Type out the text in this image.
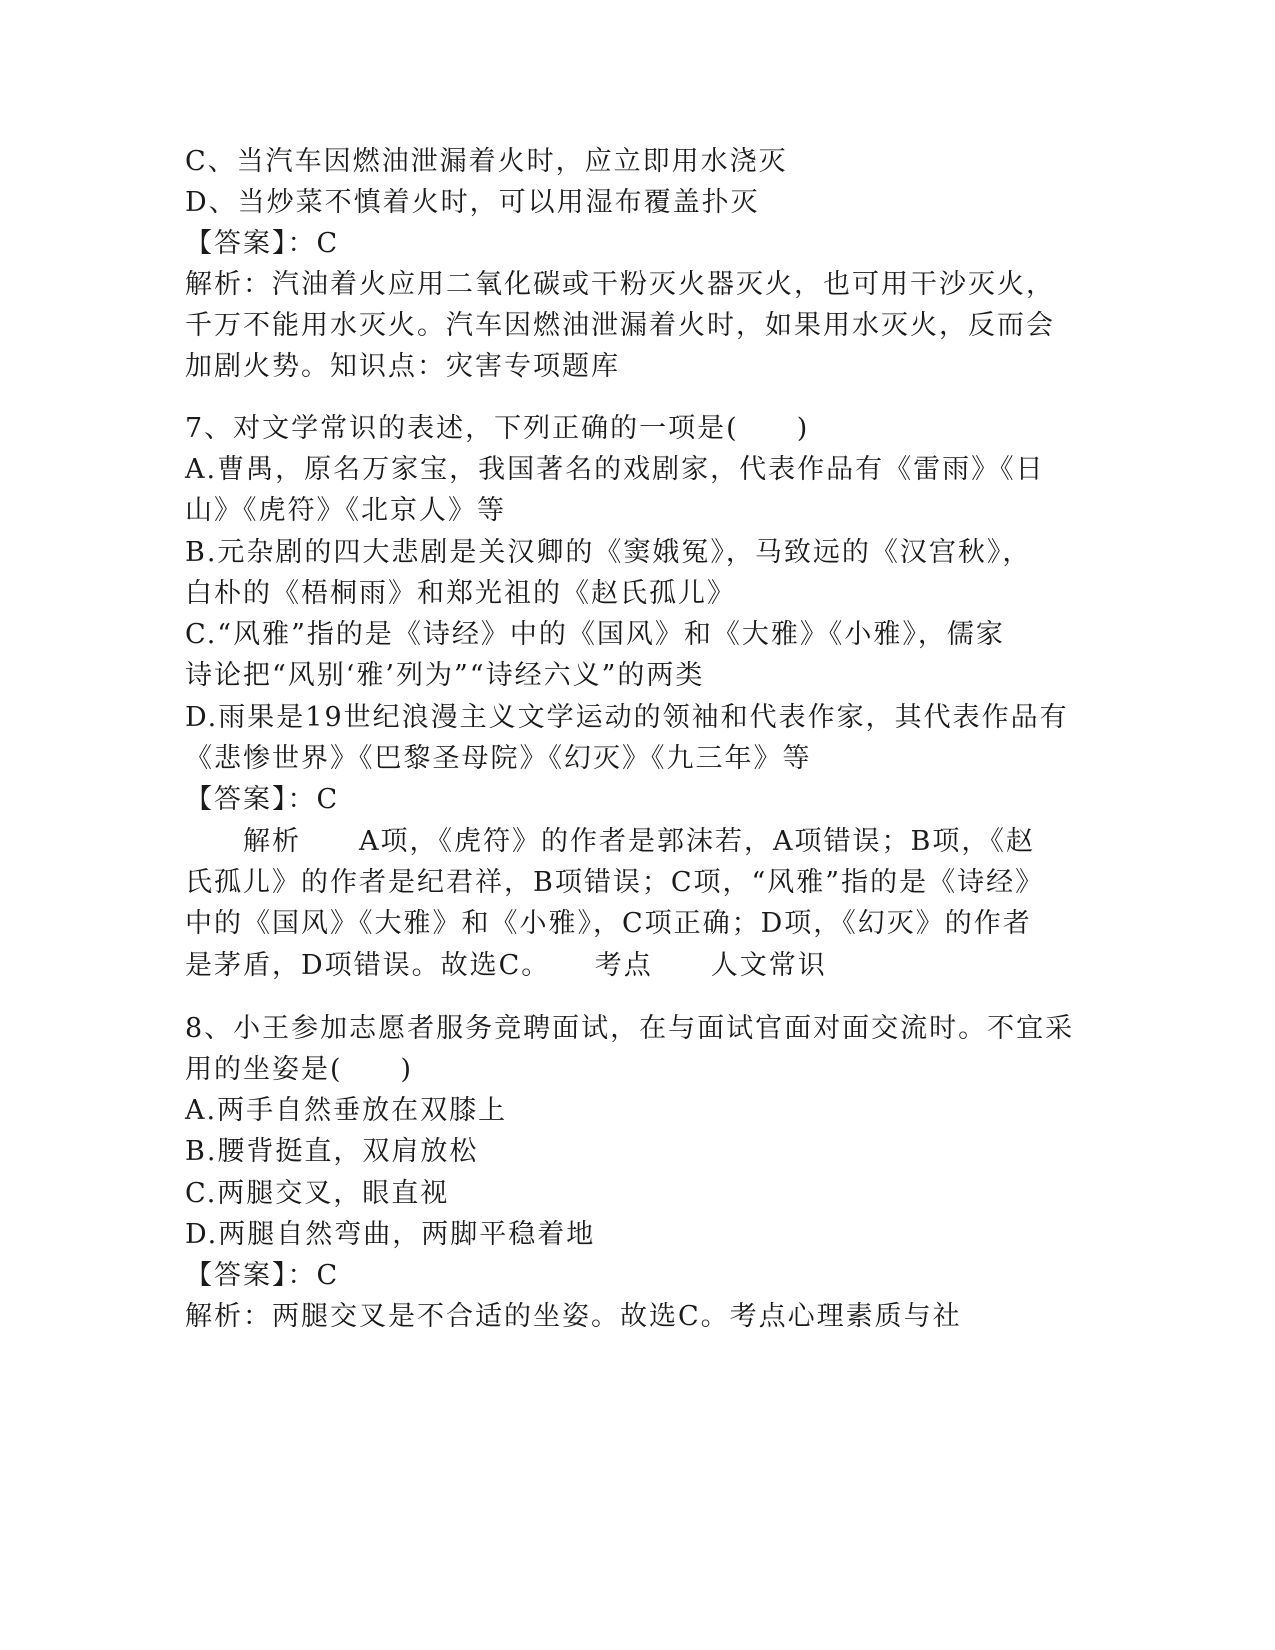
C、当汽车因燃油泄漏着火时，应立即用水浇灭
D、当炒菜不慎着火时，可以用湿布覆盖扑灭
【答案】：C
解析：汽油着火应用二氧化碳或干粉灭火器灭火，也可用干沙灭火，
千万不能用水灭火。汽车因燃油泄漏着火时，如果用水灭火，反而会
加剧火势。知识点：灾害专项题库
7、对文学常识的表述，下列正确的一项是(　　)
A.曹禺，原名万家宝，我国著名的戏剧家，代表作品有《雷雨》《日
山》《虎符》《北京人》等
B.元杂剧的四大悲剧是关汉卿的《窦娥冤》，马致远的《汉宫秋》，
白朴的《梧桐雨》和郑光祖的《赵氏孤儿》
C.“风雅”指的是《诗经》中的《国风》和《大雅》《小雅》，儒家
诗论把“风别‘雅’列为”“诗经六义”的两类
D.雨果是19世纪浪漫主义文学运动的领袖和代表作家，其代表作品有
《悲惨世界》《巴黎圣母院》《幻灭》《九三年》等
【答案】：C
　　解析　　A项，《虎符》的作者是郭沫若，A项错误；B项，《赵
氏孤儿》的作者是纪君祥，B项错误；C项，“风雅”指的是《诗经》
中的《国风》《大雅》和《小雅》，C项正确；D项，《幻灭》的作者
是茅盾，D项错误。故选C。　　考点　　人文常识
8、小王参加志愿者服务竞聘面试，在与面试官面对面交流时。不宜采
用的坐姿是(　　)
A.两手自然垂放在双膝上
B.腰背挺直，双肩放松
C.两腿交叉，眼直视
D.两腿自然弯曲，两脚平稳着地
【答案】：C
解析：两腿交叉是不合适的坐姿。故选C。考点心理素质与社
